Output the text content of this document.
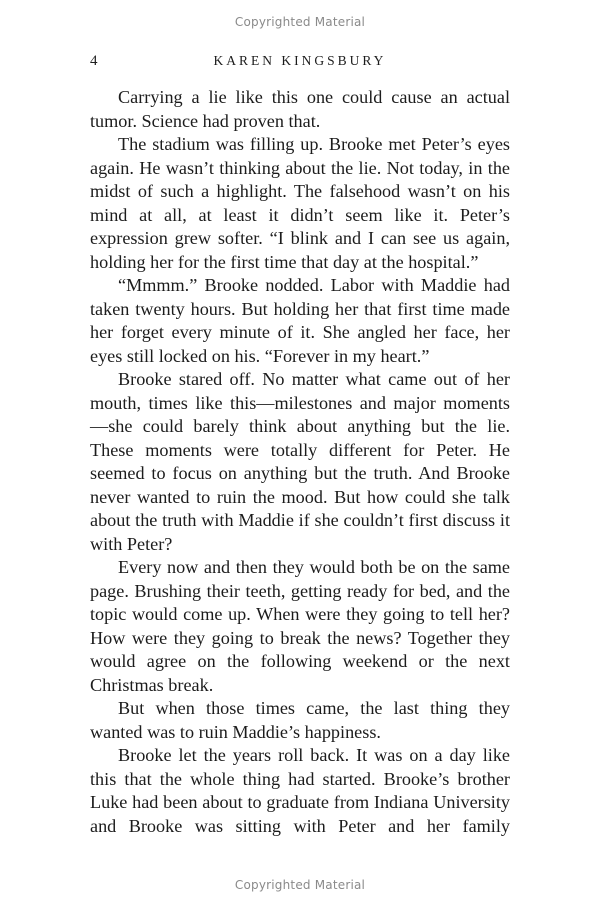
Copyrighted Material
4	KAREN KINGSBURY

Carrying a lie like this one could cause an actual tumor. Science had proven that.

The stadium was filling up. Brooke met Peter’s eyes again. He wasn’t thinking about the lie. Not today, in the midst of such a highlight. The falsehood wasn’t on his mind at all, at least it didn’t seem like it. Peter’s expression grew softer. “I blink and I can see us again, holding her for the first time that day at the hospital.”

“Mmmm.” Brooke nodded. Labor with Maddie had taken twenty hours. But holding her that first time made her forget every minute of it. She angled her face, her eyes still locked on his. “Forever in my heart.”

Brooke stared off. No matter what came out of her mouth, times like this—milestones and major moments—she could barely think about anything but the lie. These moments were totally different for Peter. He seemed to focus on anything but the truth. And Brooke never wanted to ruin the mood. But how could she talk about the truth with Maddie if she couldn’t first discuss it with Peter?

Every now and then they would both be on the same page. Brushing their teeth, getting ready for bed, and the topic would come up. When were they going to tell her? How were they going to break the news? Together they would agree on the following weekend or the next Christmas break.

But when those times came, the last thing they wanted was to ruin Maddie’s happiness.

Brooke let the years roll back. It was on a day like this that the whole thing had started. Brooke’s brother Luke had been about to graduate from Indiana University and Brooke was sitting with Peter and her family

Copyrighted Material
